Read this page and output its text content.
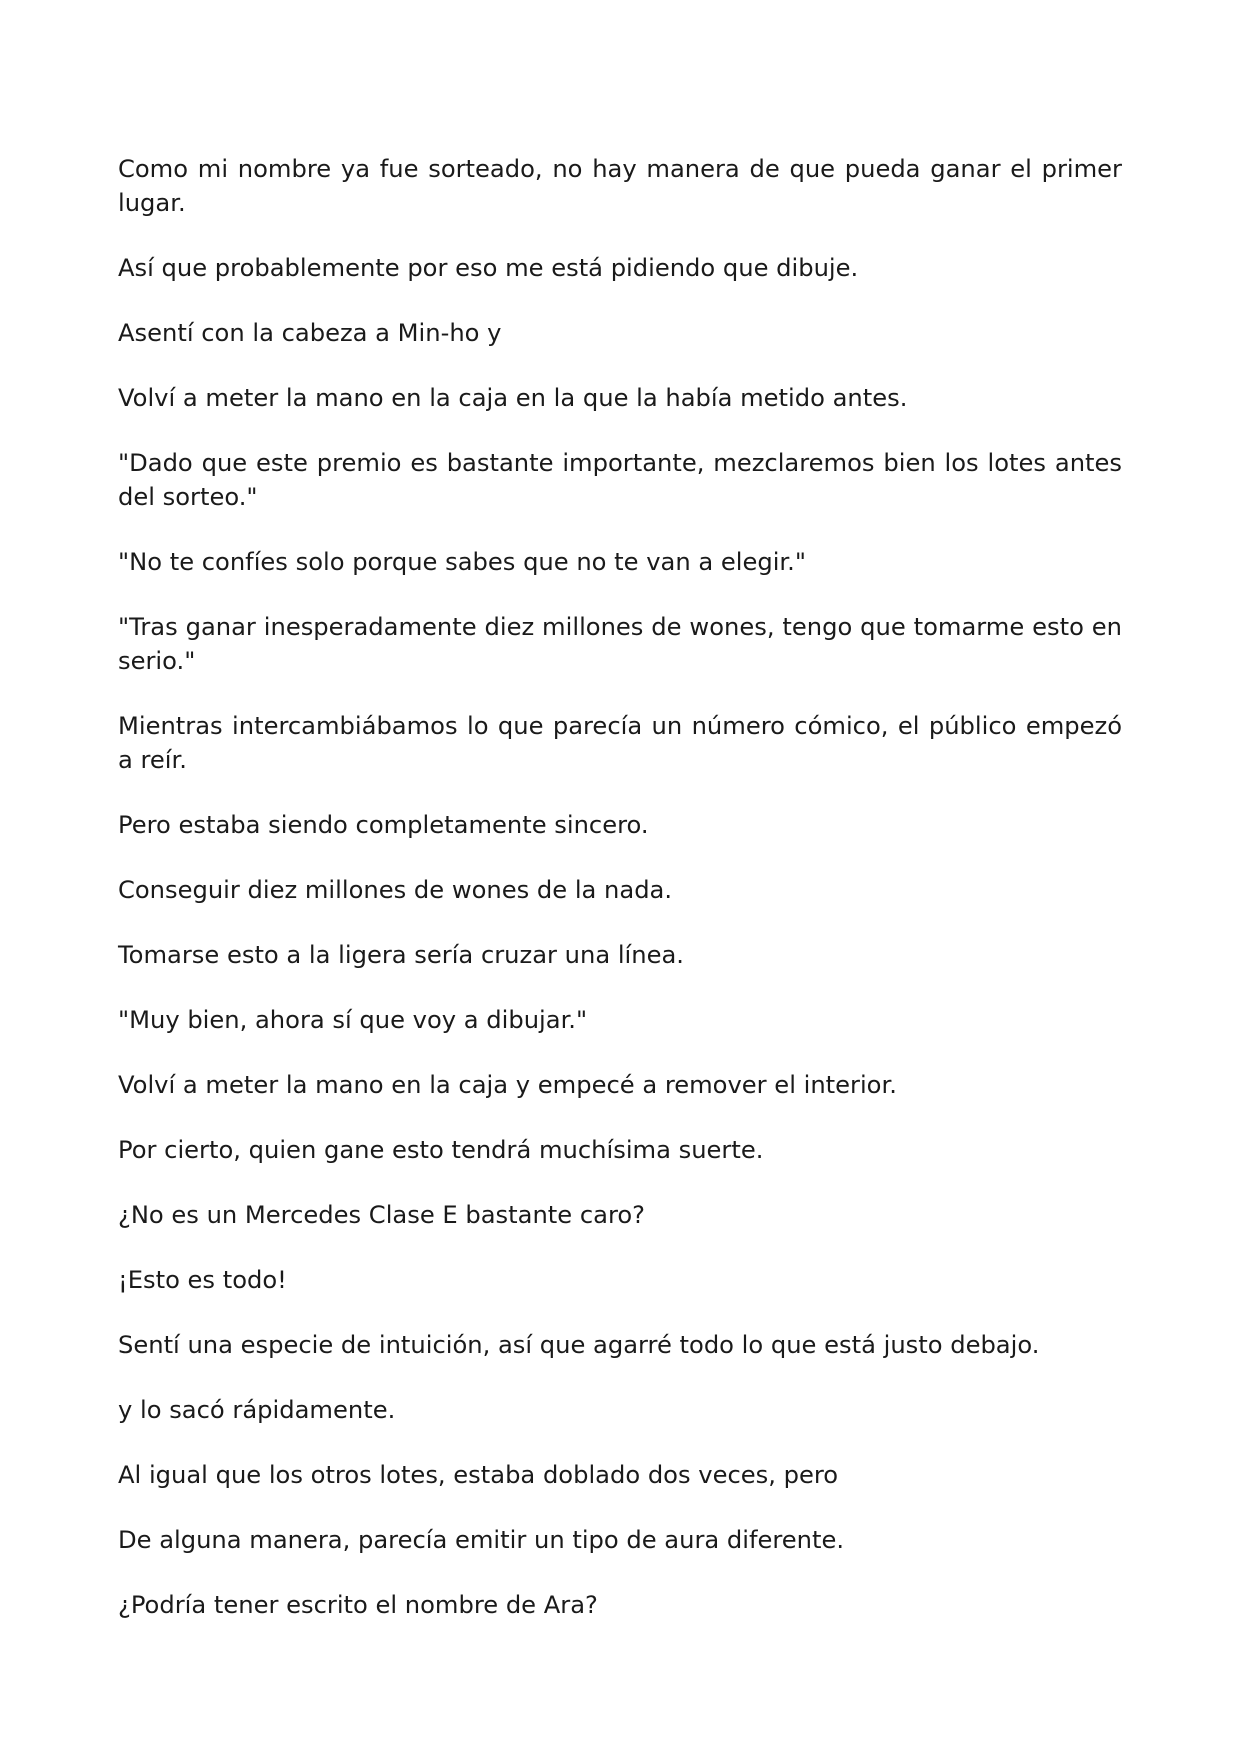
Como mi nombre ya fue sorteado, no hay manera de que pueda ganar el primer lugar.

Así que probablemente por eso me está pidiendo que dibuje.

Asentí con la cabeza a Min-ho y

Volví a meter la mano en la caja en la que la había metido antes.

"Dado que este premio es bastante importante, mezclaremos bien los lotes antes del sorteo."

"No te confíes solo porque sabes que no te van a elegir."

"Tras ganar inesperadamente diez millones de wones, tengo que tomarme esto en serio."

Mientras intercambiábamos lo que parecía un número cómico, el público empezó a reír.

Pero estaba siendo completamente sincero.

Conseguir diez millones de wones de la nada.

Tomarse esto a la ligera sería cruzar una línea.

"Muy bien, ahora sí que voy a dibujar."

Volví a meter la mano en la caja y empecé a remover el interior.

Por cierto, quien gane esto tendrá muchísima suerte.

¿No es un Mercedes Clase E bastante caro?

¡Esto es todo!

Sentí una especie de intuición, así que agarré todo lo que está justo debajo.

y lo sacó rápidamente.

Al igual que los otros lotes, estaba doblado dos veces, pero

De alguna manera, parecía emitir un tipo de aura diferente.

¿Podría tener escrito el nombre de Ara?
